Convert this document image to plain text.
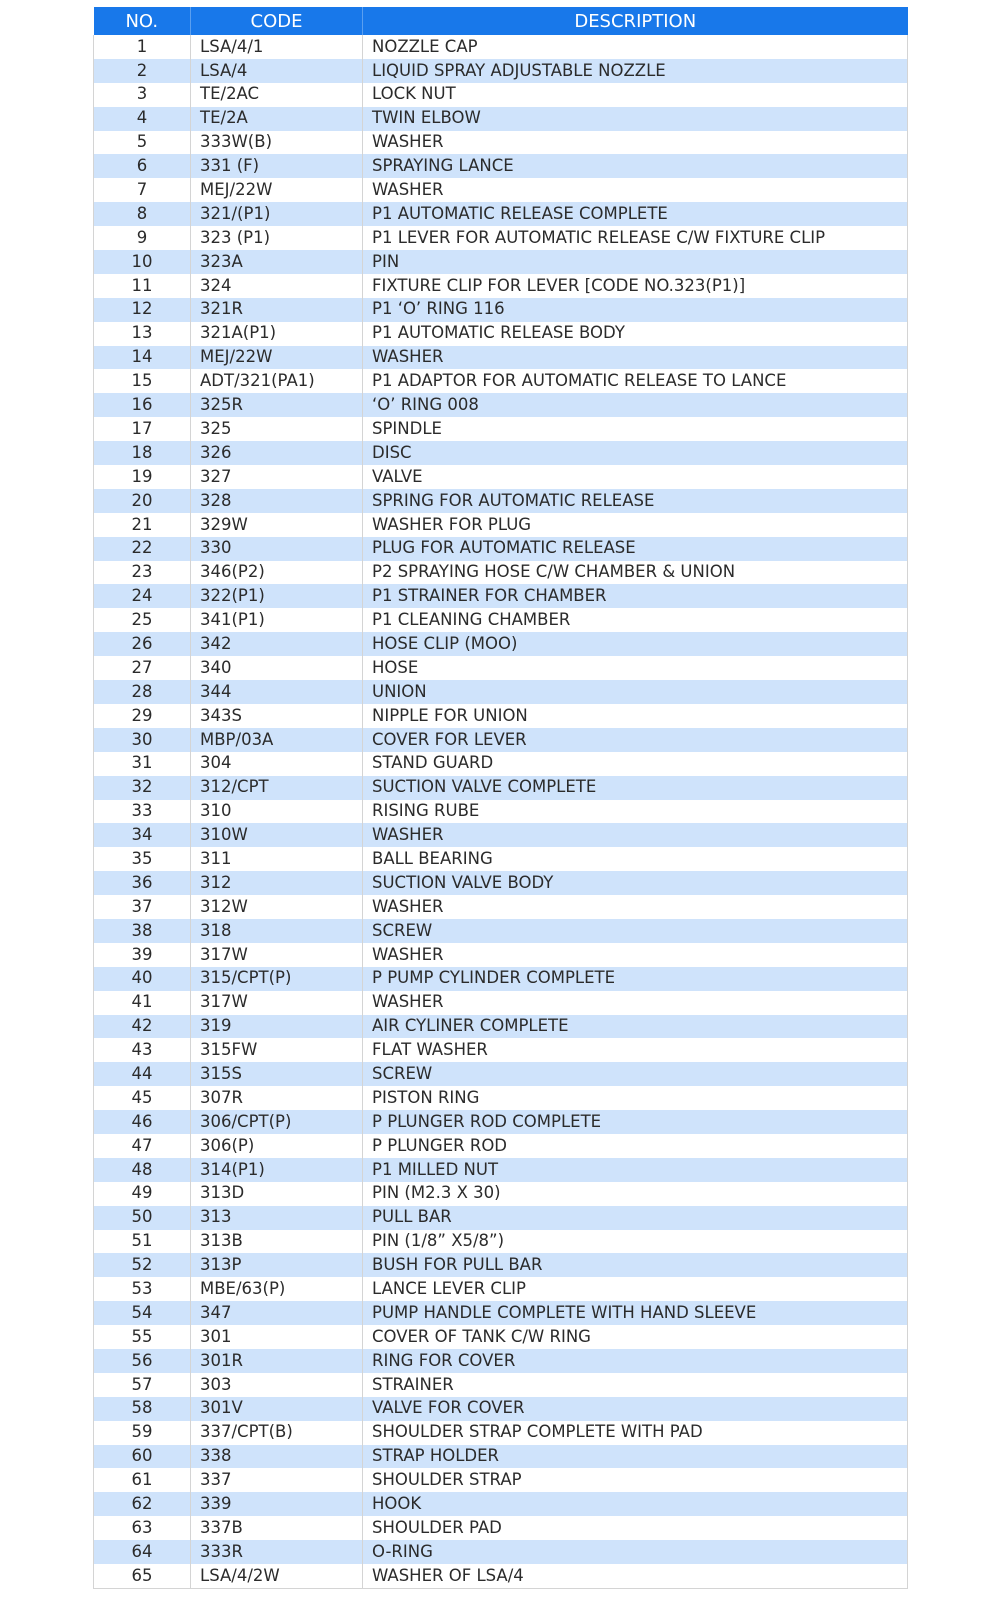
NO.	CODE	DESCRIPTION
1	LSA/4/1	NOZZLE CAP
2	LSA/4	LIQUID SPRAY ADJUSTABLE NOZZLE
3	TE/2AC	LOCK NUT
4	TE/2A	TWIN ELBOW
5	333W(B)	WASHER
6	331 (F)	SPRAYING LANCE
7	MEJ/22W	WASHER
8	321/(P1)	P1 AUTOMATIC RELEASE COMPLETE
9	323 (P1)	P1 LEVER FOR AUTOMATIC RELEASE C/W FIXTURE CLIP
10	323A	PIN
11	324	FIXTURE CLIP FOR LEVER [CODE NO.323(P1)]
12	321R	P1 ‘O’ RING 116
13	321A(P1)	P1 AUTOMATIC RELEASE BODY
14	MEJ/22W	WASHER
15	ADT/321(PA1)	P1 ADAPTOR FOR AUTOMATIC RELEASE TO LANCE
16	325R	‘O’ RING 008
17	325	SPINDLE
18	326	DISC
19	327	VALVE
20	328	SPRING FOR AUTOMATIC RELEASE
21	329W	WASHER FOR PLUG
22	330	PLUG FOR AUTOMATIC RELEASE
23	346(P2)	P2 SPRAYING HOSE C/W CHAMBER & UNION
24	322(P1)	P1 STRAINER FOR CHAMBER
25	341(P1)	P1 CLEANING CHAMBER
26	342	HOSE CLIP (MOO)
27	340	HOSE
28	344	UNION
29	343S	NIPPLE FOR UNION
30	MBP/03A	COVER FOR LEVER
31	304	STAND GUARD
32	312/CPT	SUCTION VALVE COMPLETE
33	310	RISING RUBE
34	310W	WASHER
35	311	BALL BEARING
36	312	SUCTION VALVE BODY
37	312W	WASHER
38	318	SCREW
39	317W	WASHER
40	315/CPT(P)	P PUMP CYLINDER COMPLETE
41	317W	WASHER
42	319	AIR CYLINER COMPLETE
43	315FW	FLAT WASHER
44	315S	SCREW
45	307R	PISTON RING
46	306/CPT(P)	P PLUNGER ROD COMPLETE
47	306(P)	P PLUNGER ROD
48	314(P1)	P1 MILLED NUT
49	313D	PIN (M2.3 X 30)
50	313	PULL BAR
51	313B	PIN (1/8” X5/8”)
52	313P	BUSH FOR PULL BAR
53	MBE/63(P)	LANCE LEVER CLIP
54	347	PUMP HANDLE COMPLETE WITH HAND SLEEVE
55	301	COVER OF TANK C/W RING
56	301R	RING FOR COVER
57	303	STRAINER
58	301V	VALVE FOR COVER
59	337/CPT(B)	SHOULDER STRAP COMPLETE WITH PAD
60	338	STRAP HOLDER
61	337	SHOULDER STRAP
62	339	HOOK
63	337B	SHOULDER PAD
64	333R	O-RING
65	LSA/4/2W	WASHER OF LSA/4
